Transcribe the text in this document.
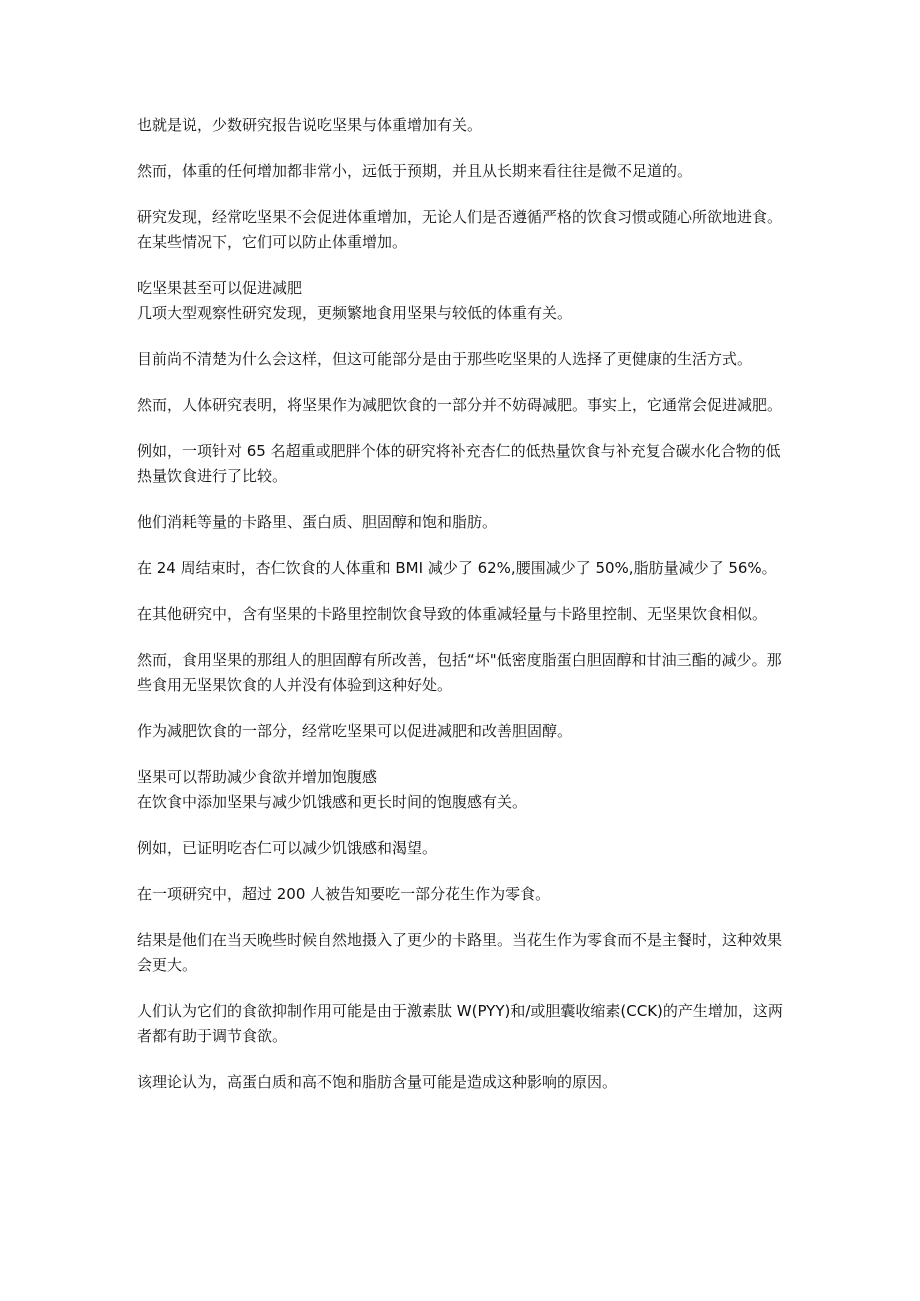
也就是说，少数研究报告说吃坚果与体重增加有关。

然而，体重的任何增加都非常小，远低于预期，并且从长期来看往往是微不足道的。

研究发现，经常吃坚果不会促进体重增加，无论人们是否遵循严格的饮食习惯或随心所欲地进食。在某些情况下，它们可以防止体重增加。

吃坚果甚至可以促进减肥

几项大型观察性研究发现，更频繁地食用坚果与较低的体重有关。

目前尚不清楚为什么会这样，但这可能部分是由于那些吃坚果的人选择了更健康的生活方式。

然而，人体研究表明，将坚果作为减肥饮食的一部分并不妨碍减肥。事实上，它通常会促进减肥。

例如，一项针对 65 名超重或肥胖个体的研究将补充杏仁的低热量饮食与补充复合碳水化合物的低热量饮食进行了比较。

他们消耗等量的卡路里、蛋白质、胆固醇和饱和脂肪。

在 24 周结束时，杏仁饮食的人体重和 BMI 减少了 62%,腰围减少了 50%,脂肪量减少了 56%。

在其他研究中，含有坚果的卡路里控制饮食导致的体重减轻量与卡路里控制、无坚果饮食相似。

然而，食用坚果的那组人的胆固醇有所改善，包括“坏"低密度脂蛋白胆固醇和甘油三酯的减少。那些食用无坚果饮食的人并没有体验到这种好处。

作为减肥饮食的一部分，经常吃坚果可以促进减肥和改善胆固醇。

坚果可以帮助减少食欲并增加饱腹感

在饮食中添加坚果与减少饥饿感和更长时间的饱腹感有关。

例如，已证明吃杏仁可以减少饥饿感和渴望。

在一项研究中，超过 200 人被告知要吃一部分花生作为零食。

结果是他们在当天晚些时候自然地摄入了更少的卡路里。当花生作为零食而不是主餐时，这种效果会更大。

人们认为它们的食欲抑制作用可能是由于激素肽 W(PYY)和/或胆囊收缩素(CCK)的产生增加，这两者都有助于调节食欲。

该理论认为，高蛋白质和高不饱和脂肪含量可能是造成这种影响的原因。
